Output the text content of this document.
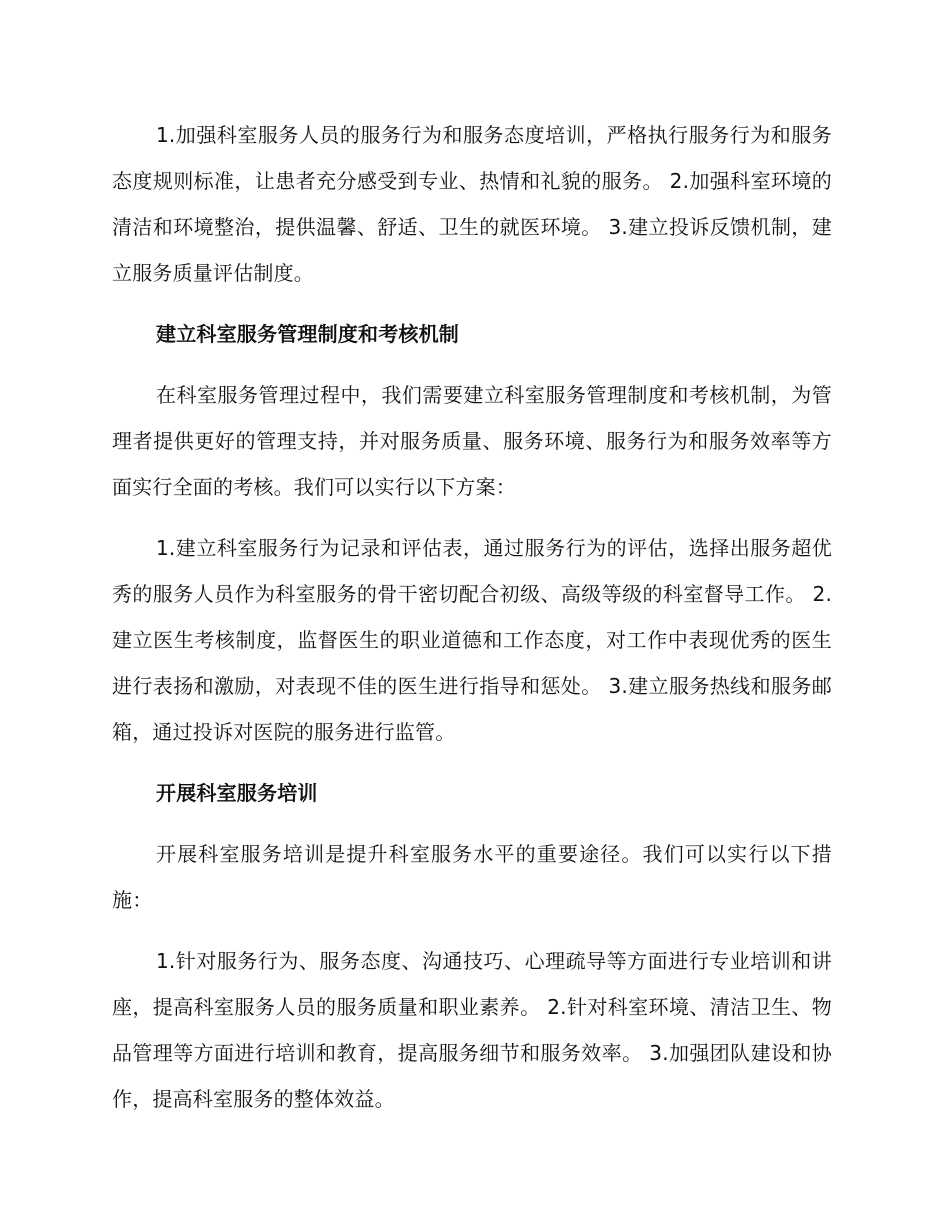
1.加强科室服务人员的服务行为和服务态度培训，严格执行服务行为和服务态度规则标准，让患者充分感受到专业、热情和礼貌的服务。 2.加强科室环境的清洁和环境整治，提供温馨、舒适、卫生的就医环境。 3.建立投诉反馈机制，建立服务质量评估制度。

建立科室服务管理制度和考核机制

在科室服务管理过程中，我们需要建立科室服务管理制度和考核机制，为管理者提供更好的管理支持，并对服务质量、服务环境、服务行为和服务效率等方面实行全面的考核。我们可以实行以下方案：

1.建立科室服务行为记录和评估表，通过服务行为的评估，选择出服务超优秀的服务人员作为科室服务的骨干密切配合初级、高级等级的科室督导工作。 2.建立医生考核制度，监督医生的职业道德和工作态度，对工作中表现优秀的医生进行表扬和激励，对表现不佳的医生进行指导和惩处。 3.建立服务热线和服务邮箱，通过投诉对医院的服务进行监管。

开展科室服务培训

开展科室服务培训是提升科室服务水平的重要途径。我们可以实行以下措施：

1.针对服务行为、服务态度、沟通技巧、心理疏导等方面进行专业培训和讲座，提高科室服务人员的服务质量和职业素养。 2.针对科室环境、清洁卫生、物品管理等方面进行培训和教育，提高服务细节和服务效率。 3.加强团队建设和协作，提高科室服务的整体效益。
